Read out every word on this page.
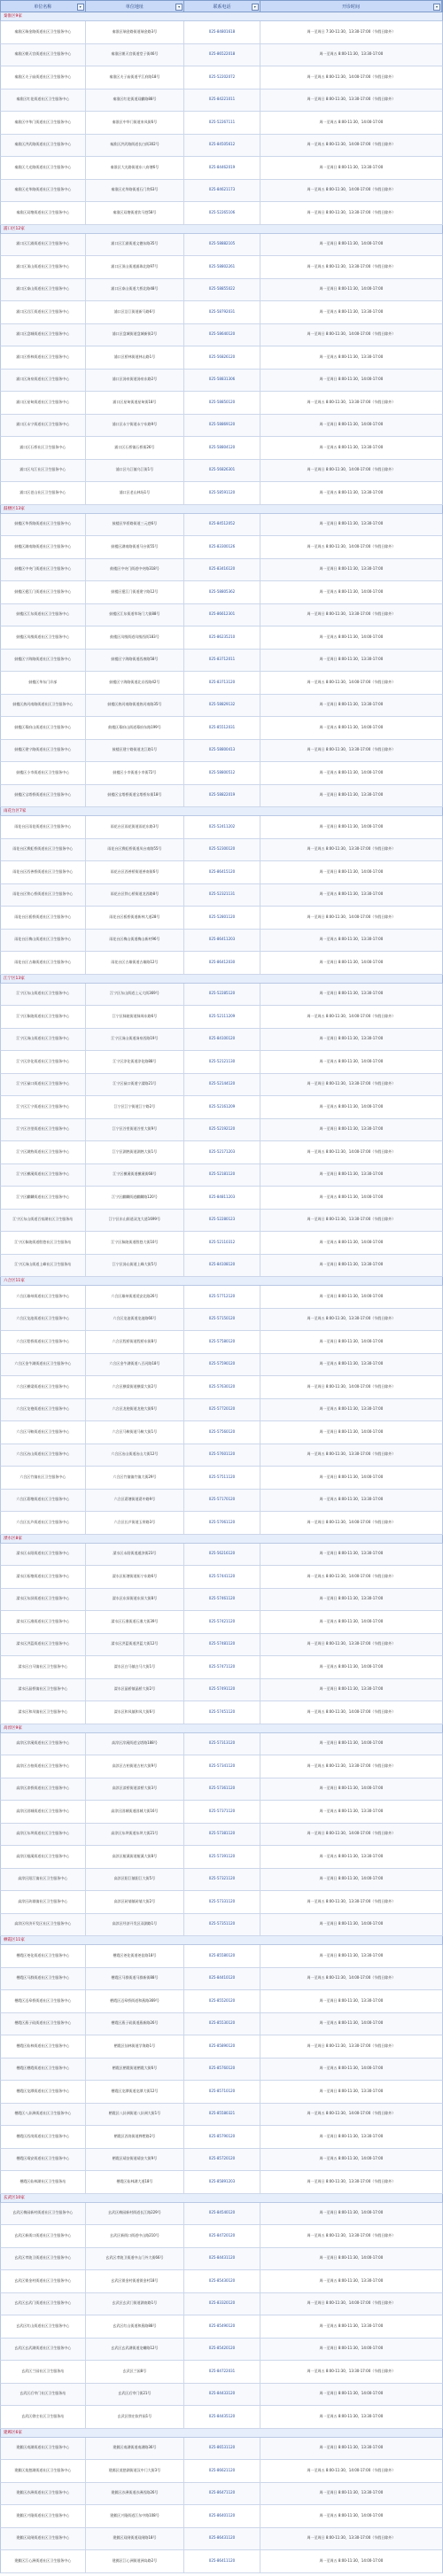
单位名称	▾	单位地址	▾	联系电话	▾	开诊时间	▾
秦淮区9家
秦淮区瑞金路街道社区卫生服务中心	秦淮区瑞金路街道瑞金路3号	025-84801618	周一至周日 7:30-11:30，13:30-17:00（节假日除外）
秦淮区朝天宫街道社区卫生服务中心	秦淮区朝天宫街道堂子街46号	025-86522018	周一至周五 8:00-11:30，13:30-17:00
秦淮区夫子庙街道社区卫生服务中心	秦淮区夫子庙街道平江府路18号	025-52202072	周一至周五 8:00-11:30，14:00-17:00（节假日除外）
秦淮区红花街道社区卫生服务中心	秦淮区红花街道双麒路88号	025-84221011	周一至周日 8:00-11:30，13:30-17:00（节假日除外）
秦淮区中华门街道社区卫生服务中心	秦淮区中华门街道来凤街6号	025-52267111	周一至周五 8:00-11:30，14:00-17:00
秦淮区洪武路街道社区卫生服务中心	秦淮区洪武路街道长白街302号	025-84505612	周一至周五 8:00-11:30，14:00-17:00（节假日除外）
秦淮区大光路街道社区卫生服务中心	秦淮区大光路街道东八府塘6号	025-84462019	周一至周日 8:00-11:30，13:30-17:00
秦淮区光华路街道社区卫生服务中心	秦淮区光华路街道石门坎63号	025-84621173	周一至周五 8:00-11:30，14:00-17:00（节假日除外）
秦淮区双塘街道社区卫生服务中心	秦淮区双塘街道饮马巷58号	025-52265106	周一至周日 8:00-11:30，13:30-17:00（节假日除外）
浦口区12家
浦口区江浦街道社区卫生服务中心	浦口区江浦街道文德东路35号	025-58882105	周一至周日 8:00-11:30，14:00-17:00
浦口区顶山街道社区卫生服务中心	浦口区顶山街道浦珠北路97号	025-58802261	周一至周五 8:00-11:30，13:30-17:00（节假日除外）
浦口区泰山街道社区卫生服务中心	浦口区泰山街道大桥北路48号	025-58855022	周一至周日 8:00-11:30，14:00-17:00
浦口区沿江街道社区卫生服务中心	浦口区沿江街道新马路6号	025-58792031	周一至周五 8:00-11:30，13:30-17:00
浦口区盘城街道社区卫生服务中心	浦口区盘城街道盘城新街2号	025-58640120	周一至周日 8:00-11:30，14:00-17:00（节假日除外）
浦口区桥林街道社区卫生服务中心	浦口区桥林街道林山路1号	025-56826120	周一至周五 8:00-11:30，13:30-17:00
浦口区汤泉街道社区卫生服务中心	浦口区汤泉街道汤泉东路2号	025-58831306	周一至周日 8:00-11:30，14:00-17:00
浦口区星甸街道社区卫生服务中心	浦口区星甸街道星甸街18号	025-58850120	周一至周五 8:00-11:30，13:30-17:00（节假日除外）
浦口区永宁街道社区卫生服务中心	浦口区永宁街道永宁东路9号	025-58869120	周一至周日 8:00-11:30，14:00-17:00
浦口区石桥社区卫生服务中心	浦口区石桥镇石桥街26号	025-58804120	周一至周五 8:00-11:30，13:30-17:00
浦口区乌江社区卫生服务中心	浦口区乌江镇乌江街1号	025-56826301	周一至周日 8:00-11:30，14:00-17:00（节假日除外）
浦口区老山社区卫生服务中心	浦口区老山林场1号	025-58591120	周一至周五 8:00-11:30，13:30-17:00
鼓楼区13家
鼓楼区华侨路街道社区卫生服务中心	鼓楼区华侨路街道三元巷6号	025-84512052	周一至周日 8:00-11:30，13:30-17:00
鼓楼区湖南路街道社区卫生服务中心	鼓楼区湖南路街道马台街55号	025-83300126	周一至周五 8:00-11:30，14:00-17:00（节假日除外）
鼓楼区中央门街道社区卫生服务中心	鼓楼区中央门街道中央路318号	025-83416120	周一至周日 8:00-11:30，13:30-17:00
鼓楼区挹江门街道社区卫生服务中心	鼓楼区挹江门街道建宁路12号	025-58805362	周一至周五 8:00-11:30，14:00-17:00
鼓楼区江东街道社区卫生服务中心	鼓楼区江东街道草场门大街88号	025-86612301	周一至周日 8:00-11:30，13:30-17:00（节假日除外）
鼓楼区凤凰街道社区卫生服务中心	鼓楼区凤凰街道凤凰西街183号	025-86235210	周一至周五 8:00-11:30，14:00-17:00
鼓楼区宁海路街道社区卫生服务中心	鼓楼区宁海路街道西康路58号	025-83712011	周一至周日 8:00-11:30，13:30-17:00
鼓楼区华东门诊部	鼓楼区宁海路街道北京西路42号	025-83713120	周一至周五 8:00-11:30，14:00-17:00（节假日除外）
鼓楼区热河南路街道社区卫生服务中心	鼓楼区热河南路街道热河南路35号	025-58829132	周一至周日 8:00-11:30，13:30-17:00
鼓楼区幕府山街道社区卫生服务中心	鼓楼区幕府山街道幕府东路199号	025-85512031	周一至周五 8:00-11:30，14:00-17:00
鼓楼区建宁路街道社区卫生服务中心	鼓楼区建宁路街道龙江路1号	025-58800413	周一至周日 8:00-11:30，13:30-17:00（节假日除外）
鼓楼区小市街道社区卫生服务中心	鼓楼区小市街道小市街72号	025-58800512	周一至周五 8:00-11:30，14:00-17:00
鼓楼区宝塔桥街道社区卫生服务中心	鼓楼区宝塔桥街道宝塔桥东街18号	025-58822019	周一至周日 8:00-11:30，13:30-17:00
雨花台区7家
雨花台区雨花街道社区卫生服务中心	雨花台区雨花街道雨花东路3号	025-52411202	周一至周日 8:00-11:30，14:00-17:00
雨花台区赛虹桥街道社区卫生服务中心	雨花台区赛虹桥街道凤台南路55号	025-52300120	周一至周五 8:00-11:30，13:30-17:00（节假日除外）
雨花台区西善桥街道社区卫生服务中心	雨花台区西善桥街道善南街6号	025-86415120	周一至周日 8:00-11:30，14:00-17:00
雨花台区铁心桥街道社区卫生服务中心	雨花台区铁心桥街道龙西路8号	025-52321131	周一至周五 8:00-11:30，13:30-17:00
雨花台区板桥街道社区卫生服务中心	雨花台区板桥街道新林大道28号	025-52801120	周一至周日 8:00-11:30，14:00-17:00（节假日除外）
雨花台区梅山街道社区卫生服务中心	雨花台区梅山街道梅山新村96号	025-86411203	周一至周五 8:00-11:30，13:30-17:00
雨花台区古雄街道社区卫生服务中心	雨花台区古雄街道古雄路12号	025-86412030	周一至周日 8:00-11:30，14:00-17:00
江宁区13家
江宁区东山街道社区卫生服务中心	江宁区东山街道上元大街369号	025-52285120	周一至周日 8:00-11:30，13:30-17:00
江宁区秣陵街道社区卫生服务中心	江宁区秣陵街道秣周东路6号	025-52111209	周一至周五 8:00-11:30，14:00-17:00（节假日除外）
江宁区汤山街道社区卫生服务中心	江宁区汤山街道汤泉西路19号	025-84100120	周一至周日 8:00-11:30，13:30-17:00
江宁区淳化街道社区卫生服务中心	江宁区淳化街道淳化路88号	025-52121130	周一至周五 8:00-11:30，14:00-17:00
江宁区禄口街道社区卫生服务中心	江宁区禄口街道宁溧路21号	025-52144120	周一至周日 8:00-11:30，13:30-17:00（节假日除外）
江宁区江宁街道社区卫生服务中心	江宁区江宁街道江宁路2号	025-52161209	周一至周五 8:00-11:30，14:00-17:00
江宁区谷里街道社区卫生服务中心	江宁区谷里街道谷里大街9号	025-52192120	周一至周日 8:00-11:30，13:30-17:00
江宁区湖熟街道社区卫生服务中心	江宁区湖熟街道湖熟大街1号	025-52171203	周一至周五 8:00-11:30，14:00-17:00（节假日除外）
江宁区横溪街道社区卫生服务中心	江宁区横溪街道横溪街68号	025-52181120	周一至周日 8:00-11:30，13:30-17:00
江宁区麒麟街道社区卫生服务中心	江宁区麒麟街道麒麟路120号	025-84811203	周一至周五 8:00-11:30，14:00-17:00
江宁区东山街道百家湖社区卫生服务站	江宁区东山街道双龙大道1699号	025-52280123	周一至周日 8:00-11:30，13:30-17:00（节假日除外）
江宁区秣陵街道殷巷社区卫生服务站	江宁区秣陵街道殷巷大街10号	025-52110312	周一至周五 8:00-11:30，14:00-17:00
江宁区汤山街道上峰社区卫生服务站	江宁区汤山街道上峰大街5号	025-84108120	周一至周日 8:00-11:30，13:30-17:00
六合区11家
六合区雄州街道社区卫生服务中心	六合区雄州街道延安北路26号	025-57712120	周一至周日 8:00-11:30，14:00-17:00
六合区龙池街道社区卫生服务中心	六合区龙池街道龙池路66号	025-57150120	周一至周五 8:00-11:30，13:30-17:00（节假日除外）
六合区程桥街道社区卫生服务中心	六合区程桥街道程桥东街8号	025-57580120	周一至周日 8:00-11:30，14:00-17:00
六合区金牛湖街道社区卫生服务中心	六合区金牛湖街道八百河路18号	025-57590120	周一至周五 8:00-11:30，13:30-17:00
六合区横梁街道社区卫生服务中心	六合区横梁街道横梁大街2号	025-57630120	周一至周日 8:00-11:30，14:00-17:00（节假日除外）
六合区龙袍街道社区卫生服务中心	六合区龙袍街道龙袍大街6号	025-57720120	周一至周五 8:00-11:30，13:30-17:00
六合区马鞍街道社区卫生服务中心	六合区马鞍街道马鞍大街1号	025-57560120	周一至周日 8:00-11:30，14:00-17:00
六合区冶山街道社区卫生服务中心	六合区冶山街道冶山大街12号	025-57601120	周一至周五 8:00-11:30，13:30-17:00（节假日除外）
六合区竹镇社区卫生服务中心	六合区竹镇镇竹镇大街29号	025-57511120	周一至周日 8:00-11:30，14:00-17:00
六合区葛塘街道社区卫生服务中心	六合区葛塘街道葛中路9号	025-57170120	周一至周五 8:00-11:30，13:30-17:00
六合区长芦街道社区卫生服务中心	六合区长芦街道玉带路3号	025-57061120	周一至周日 8:00-11:30，14:00-17:00（节假日除外）
溧水区8家
溧水区永阳街道社区卫生服务中心	溧水区永阳街道通济街23号	025-56216120	周一至周日 8:00-11:30，13:30-17:00
溧水区柘塘街道社区卫生服务中心	溧水区柘塘街道柘宁东路6号	025-57441120	周一至周五 8:00-11:30，14:00-17:00（节假日除外）
溧水区东屏街道社区卫生服务中心	溧水区东屏街道东屏大街8号	025-57461120	周一至周日 8:00-11:30，13:30-17:00
溧水区石湫街道社区卫生服务中心	溧水区石湫街道石湫大街39号	025-57421120	周一至周五 8:00-11:30，14:00-17:00
溧水区洪蓝街道社区卫生服务中心	溧水区洪蓝街道洪蓝大街12号	025-57481120	周一至周日 8:00-11:30，13:30-17:00（节假日除外）
溧水区白马镇社区卫生服务中心	溧水区白马镇白马大街1号	025-57471120	周一至周五 8:00-11:30，14:00-17:00
溧水区晶桥镇社区卫生服务中心	溧水区晶桥镇晶桥大街2号	025-57491120	周一至周日 8:00-11:30，13:30-17:00
溧水区和凤镇社区卫生服务中心	溧水区和凤镇和凤大街6号	025-57451120	周一至周五 8:00-11:30，14:00-17:00（节假日除外）
高淳区9家
高淳区淳溪街道社区卫生服务中心	高淳区淳溪街道宝塔路188号	025-57313120	周一至周日 8:00-11:30，14:00-17:00
高淳区古柏街道社区卫生服务中心	高淳区古柏街道古柏大街9号	025-57341120	周一至周五 8:00-11:30，13:30-17:00（节假日除外）
高淳区漆桥街道社区卫生服务中心	高淳区漆桥街道漆桥大街3号	025-57361120	周一至周日 8:00-11:30，14:00-17:00
高淳区固城街道社区卫生服务中心	高淳区固城街道固城大街16号	025-57371120	周一至周五 8:00-11:30，13:30-17:00
高淳区东坝街道社区卫生服务中心	高淳区东坝街道东坝大街21号	025-57381120	周一至周日 8:00-11:30，14:00-17:00（节假日除外）
高淳区桠溪街道社区卫生服务中心	高淳区桠溪街道桠溪大街8号	025-57391120	周一至周五 8:00-11:30，13:30-17:00
高淳区阳江镇社区卫生服务中心	高淳区阳江镇阳江大街5号	025-57321120	周一至周日 8:00-11:30，14:00-17:00
高淳区砖墙镇社区卫生服务中心	高淳区砖墙镇砖墙大街2号	025-57331120	周一至周五 8:00-11:30，13:30-17:00（节假日除外）
高淳区经济开发区社区卫生服务中心	高淳区经济开发区双湖路1号	025-57351120	周一至周日 8:00-11:30，14:00-17:00
栖霞区11家
栖霞区尧化街道社区卫生服务中心	栖霞区尧化街道尧佳路18号	025-85580120	周一至周日 8:00-11:30，13:30-17:00
栖霞区马群街道社区卫生服务中心	栖霞区马群街道马群新街88号	025-84410120	周一至周五 8:00-11:30，14:00-17:00（节假日除外）
栖霞区迈皋桥街道社区卫生服务中心	栖霞区迈皋桥街道和燕路369号	025-85520120	周一至周日 8:00-11:30，13:30-17:00
栖霞区燕子矶街道社区卫生服务中心	栖霞区燕子矶街道燕新路26号	025-85530120	周一至周五 8:00-11:30，14:00-17:00
栖霞区仙林街道社区卫生服务中心	栖霞区仙林街道学海路1号	025-85890120	周一至周日 8:00-11:30，13:30-17:00（节假日除外）
栖霞区栖霞街道社区卫生服务中心	栖霞区栖霞街道栖霞大街6号	025-85760120	周一至周五 8:00-11:30，14:00-17:00
栖霞区龙潭街道社区卫生服务中心	栖霞区龙潭街道龙潭大街12号	025-85710120	周一至周日 8:00-11:30，13:30-17:00
栖霞区八卦洲街道社区卫生服务中心	栖霞区八卦洲街道八卦洲大街1号	025-85580321	周一至周五 8:00-11:30，14:00-17:00（节假日除外）
栖霞区西岗街道社区卫生服务中心	栖霞区西岗街道桦墅路2号	025-85790120	周一至周日 8:00-11:30，13:30-17:00
栖霞区靖安街道社区卫生服务中心	栖霞区靖安街道靖安大街9号	025-85720120	周一至周五 8:00-11:30，14:00-17:00
栖霞区仙林湖社区卫生服务站	栖霞区仙林湖大道18号	025-85891203	周一至周日 8:00-11:30，13:30-17:00（节假日除外）
玄武区10家
玄武区梅园新村街道社区卫生服务中心	玄武区梅园新村街道长江路229号	025-84540120	周一至周日 8:00-11:30，14:00-17:00
玄武区新街口街道社区卫生服务中心	玄武区新街口街道中山路210号	025-84720120	周一至周五 8:00-11:30，13:30-17:00（节假日除外）
玄武区孝陵卫街道社区卫生服务中心	玄武区孝陵卫街道中山门外大街66号	025-84431120	周一至周日 8:00-11:30，14:00-17:00
玄武区锁金村街道社区卫生服务中心	玄武区锁金村街道锁金村18号	025-85430120	周一至周五 8:00-11:30，13:30-17:00
玄武区玄武门街道社区卫生服务中心	玄武区玄武门街道湖南路1号	025-83320120	周一至周日 8:00-11:30，14:00-17:00（节假日除外）
玄武区红山街道社区卫生服务中心	玄武区红山街道和燕路88号	025-85490120	周一至周五 8:00-11:30，13:30-17:00
玄武区玄武湖街道社区卫生服务中心	玄武区玄武湖街道龙蟠路12号	025-85420120	周一至周日 8:00-11:30，14:00-17:00
玄武区兰园社区卫生服务站	玄武区兰园8号	025-84722031	周一至周五 8:00-11:30，13:30-17:00（节假日除外）
玄武区后宰门社区卫生服务站	玄武区后宰门街21号	025-84433120	周一至周日 8:00-11:30，14:00-17:00
玄武区徐庄社区卫生服务站	玄武区徐庄软件园1号	025-84435120	周一至周五 8:00-11:30，13:30-17:00
建邺区6家
建邺区南湖街道社区卫生服务中心	建邺区南湖街道南湖路36号	025-86531120	周一至周日 8:00-11:30，13:30-17:00
建邺区莫愁湖街道社区卫生服务中心	建邺区莫愁湖街道汉中门大街3号	025-86621120	周一至周五 8:00-11:30，14:00-17:00（节假日除外）
建邺区沙洲街道社区卫生服务中心	建邺区沙洲街道沙洲西路26号	025-86471120	周一至周日 8:00-11:30，13:30-17:00
建邺区兴隆街道社区卫生服务中心	建邺区兴隆街道江东中路108号	025-86401120	周一至周五 8:00-11:30，14:00-17:00
建邺区双闸街道社区卫生服务中心	建邺区双闸街道双闸路18号	025-86431120	周一至周日 8:00-11:30，13:30-17:00（节假日除外）
建邺区江心洲街道社区卫生服务中心	建邺区江心洲街道洲岛路2号	025-86411120	周一至周五 8:00-11:30，14:00-17:00
